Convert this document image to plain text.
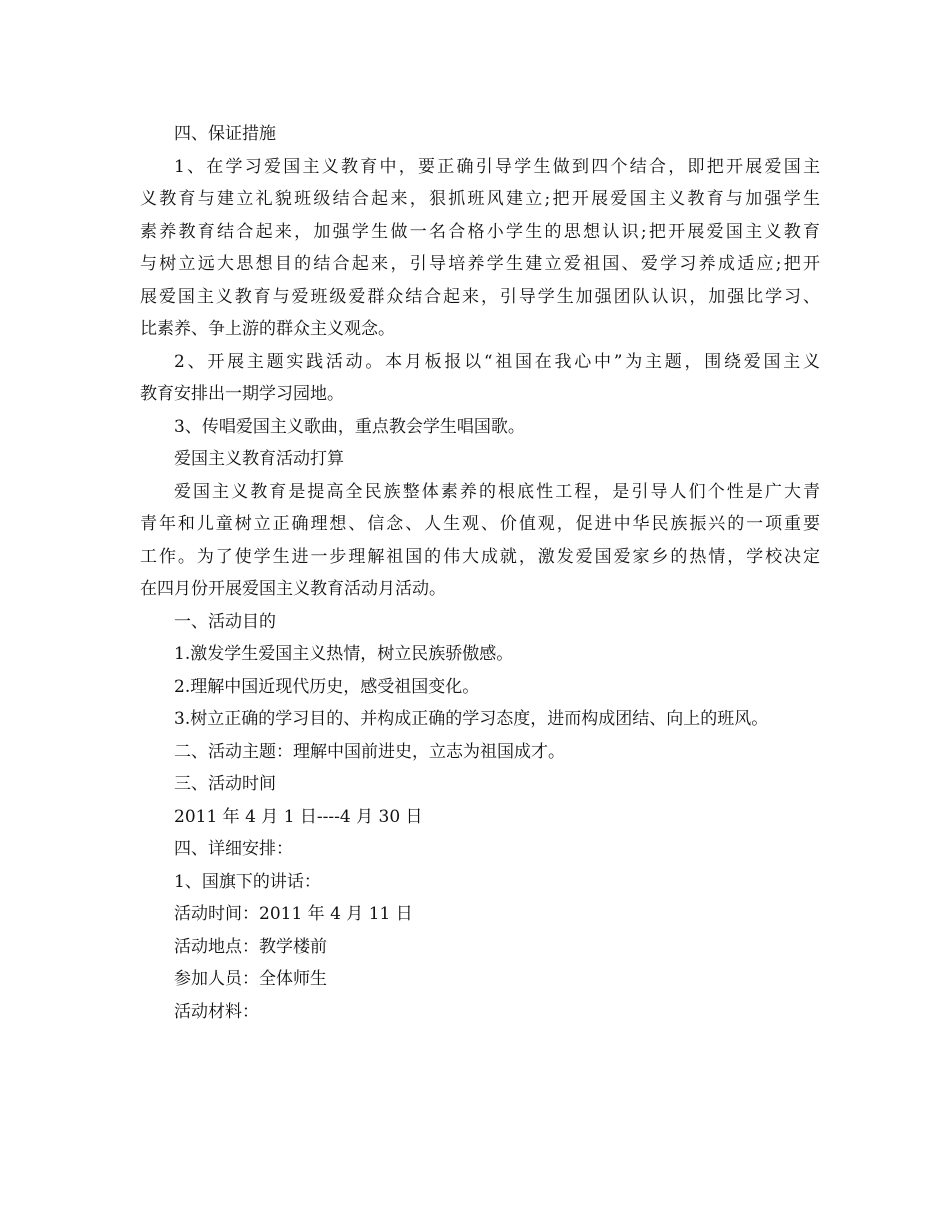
四、保证措施
1、在学习爱国主义教育中，要正确引导学生做到四个结合，即把开展爱国主
义教育与建立礼貌班级结合起来，狠抓班风建立;把开展爱国主义教育与加强学生
素养教育结合起来，加强学生做一名合格小学生的思想认识;把开展爱国主义教育
与树立远大思想目的结合起来，引导培养学生建立爱祖国、爱学习养成适应;把开
展爱国主义教育与爱班级爱群众结合起来，引导学生加强团队认识，加强比学习、
比素养、争上游的群众主义观念。
2、开展主题实践活动。本月板报以“祖国在我心中”为主题，围绕爱国主义
教育安排出一期学习园地。
3、传唱爱国主义歌曲，重点教会学生唱国歌。
爱国主义教育活动打算
爱国主义教育是提高全民族整体素养的根底性工程，是引导人们个性是广大青
青年和儿童树立正确理想、信念、人生观、价值观，促进中华民族振兴的一项重要
工作。为了使学生进一步理解祖国的伟大成就，激发爱国爱家乡的热情，学校决定
在四月份开展爱国主义教育活动月活动。
一、活动目的
1.激发学生爱国主义热情，树立民族骄傲感。
2.理解中国近现代历史，感受祖国变化。
3.树立正确的学习目的、并构成正确的学习态度，进而构成团结、向上的班风。
二、活动主题：理解中国前进史，立志为祖国成才。
三、活动时间
2011 年 4 月 1 日----4 月 30 日
四、详细安排：
1、国旗下的讲话：
活动时间：2011 年 4 月 11 日
活动地点：教学楼前
参加人员：全体师生
活动材料：
